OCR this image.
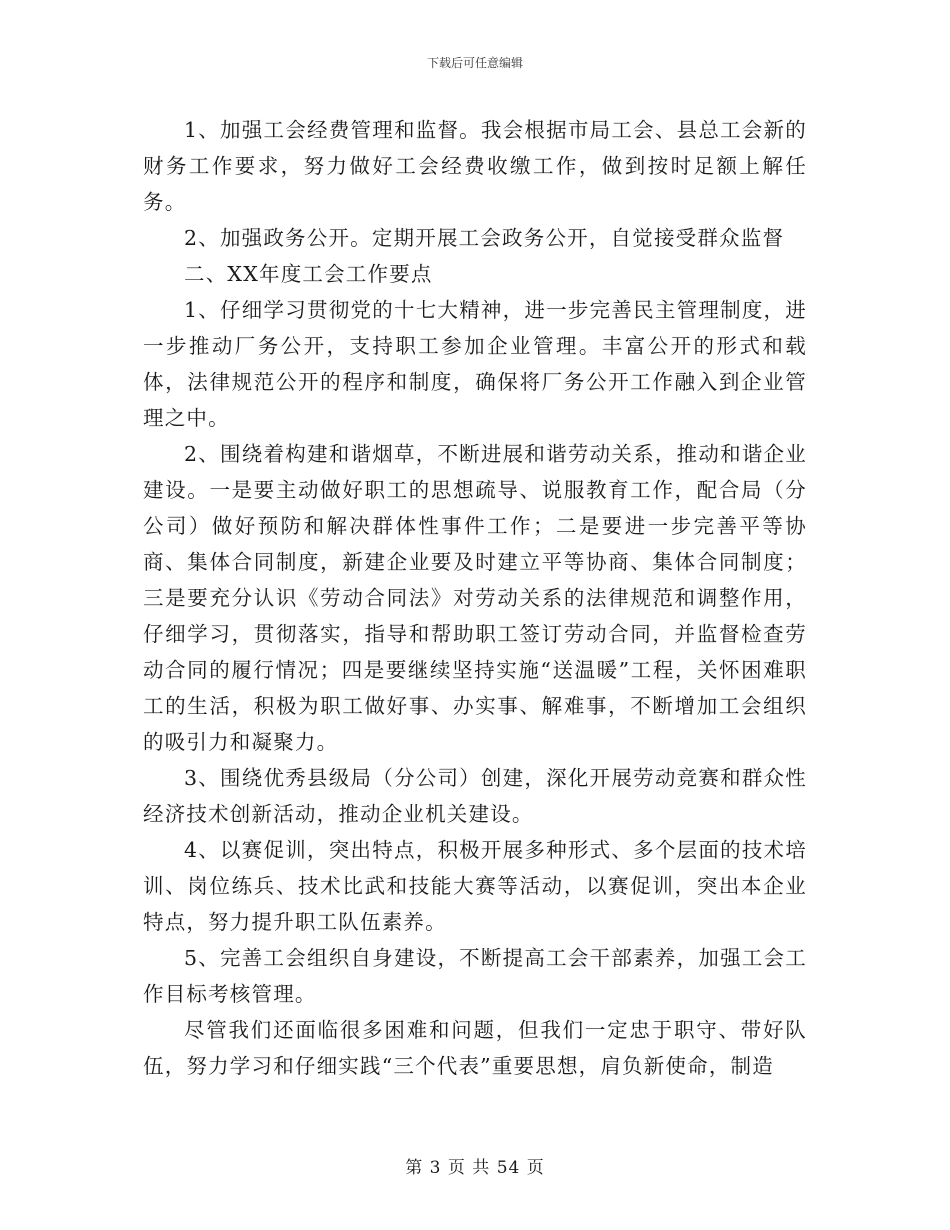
下载后可任意编辑

1、加强工会经费管理和监督。我会根据市局工会、县总工会新的财务工作要求，努力做好工会经费收缴工作，做到按时足额上解任务。

2、加强政务公开。定期开展工会政务公开，自觉接受群众监督

二、XX年度工会工作要点

1、仔细学习贯彻党的十七大精神，进一步完善民主管理制度，进一步推动厂务公开，支持职工参加企业管理。丰富公开的形式和载体，法律规范公开的程序和制度，确保将厂务公开工作融入到企业管理之中。

2、围绕着构建和谐烟草，不断进展和谐劳动关系，推动和谐企业建设。一是要主动做好职工的思想疏导、说服教育工作，配合局（分公司）做好预防和解决群体性事件工作；二是要进一步完善平等协商、集体合同制度，新建企业要及时建立平等协商、集体合同制度；三是要充分认识《劳动合同法》对劳动关系的法律规范和调整作用，仔细学习，贯彻落实，指导和帮助职工签订劳动合同，并监督检查劳动合同的履行情况；四是要继续坚持实施“送温暖”工程，关怀困难职工的生活，积极为职工做好事、办实事、解难事，不断增加工会组织的吸引力和凝聚力。

3、围绕优秀县级局（分公司）创建，深化开展劳动竞赛和群众性经济技术创新活动，推动企业机关建设。

4、以赛促训，突出特点，积极开展多种形式、多个层面的技术培训、岗位练兵、技术比武和技能大赛等活动，以赛促训，突出本企业特点，努力提升职工队伍素养。

5、完善工会组织自身建设，不断提高工会干部素养，加强工会工作目标考核管理。

尽管我们还面临很多困难和问题，但我们一定忠于职守、带好队伍，努力学习和仔细实践“三个代表”重要思想，肩负新使命，制造

第 3 页 共 54 页
